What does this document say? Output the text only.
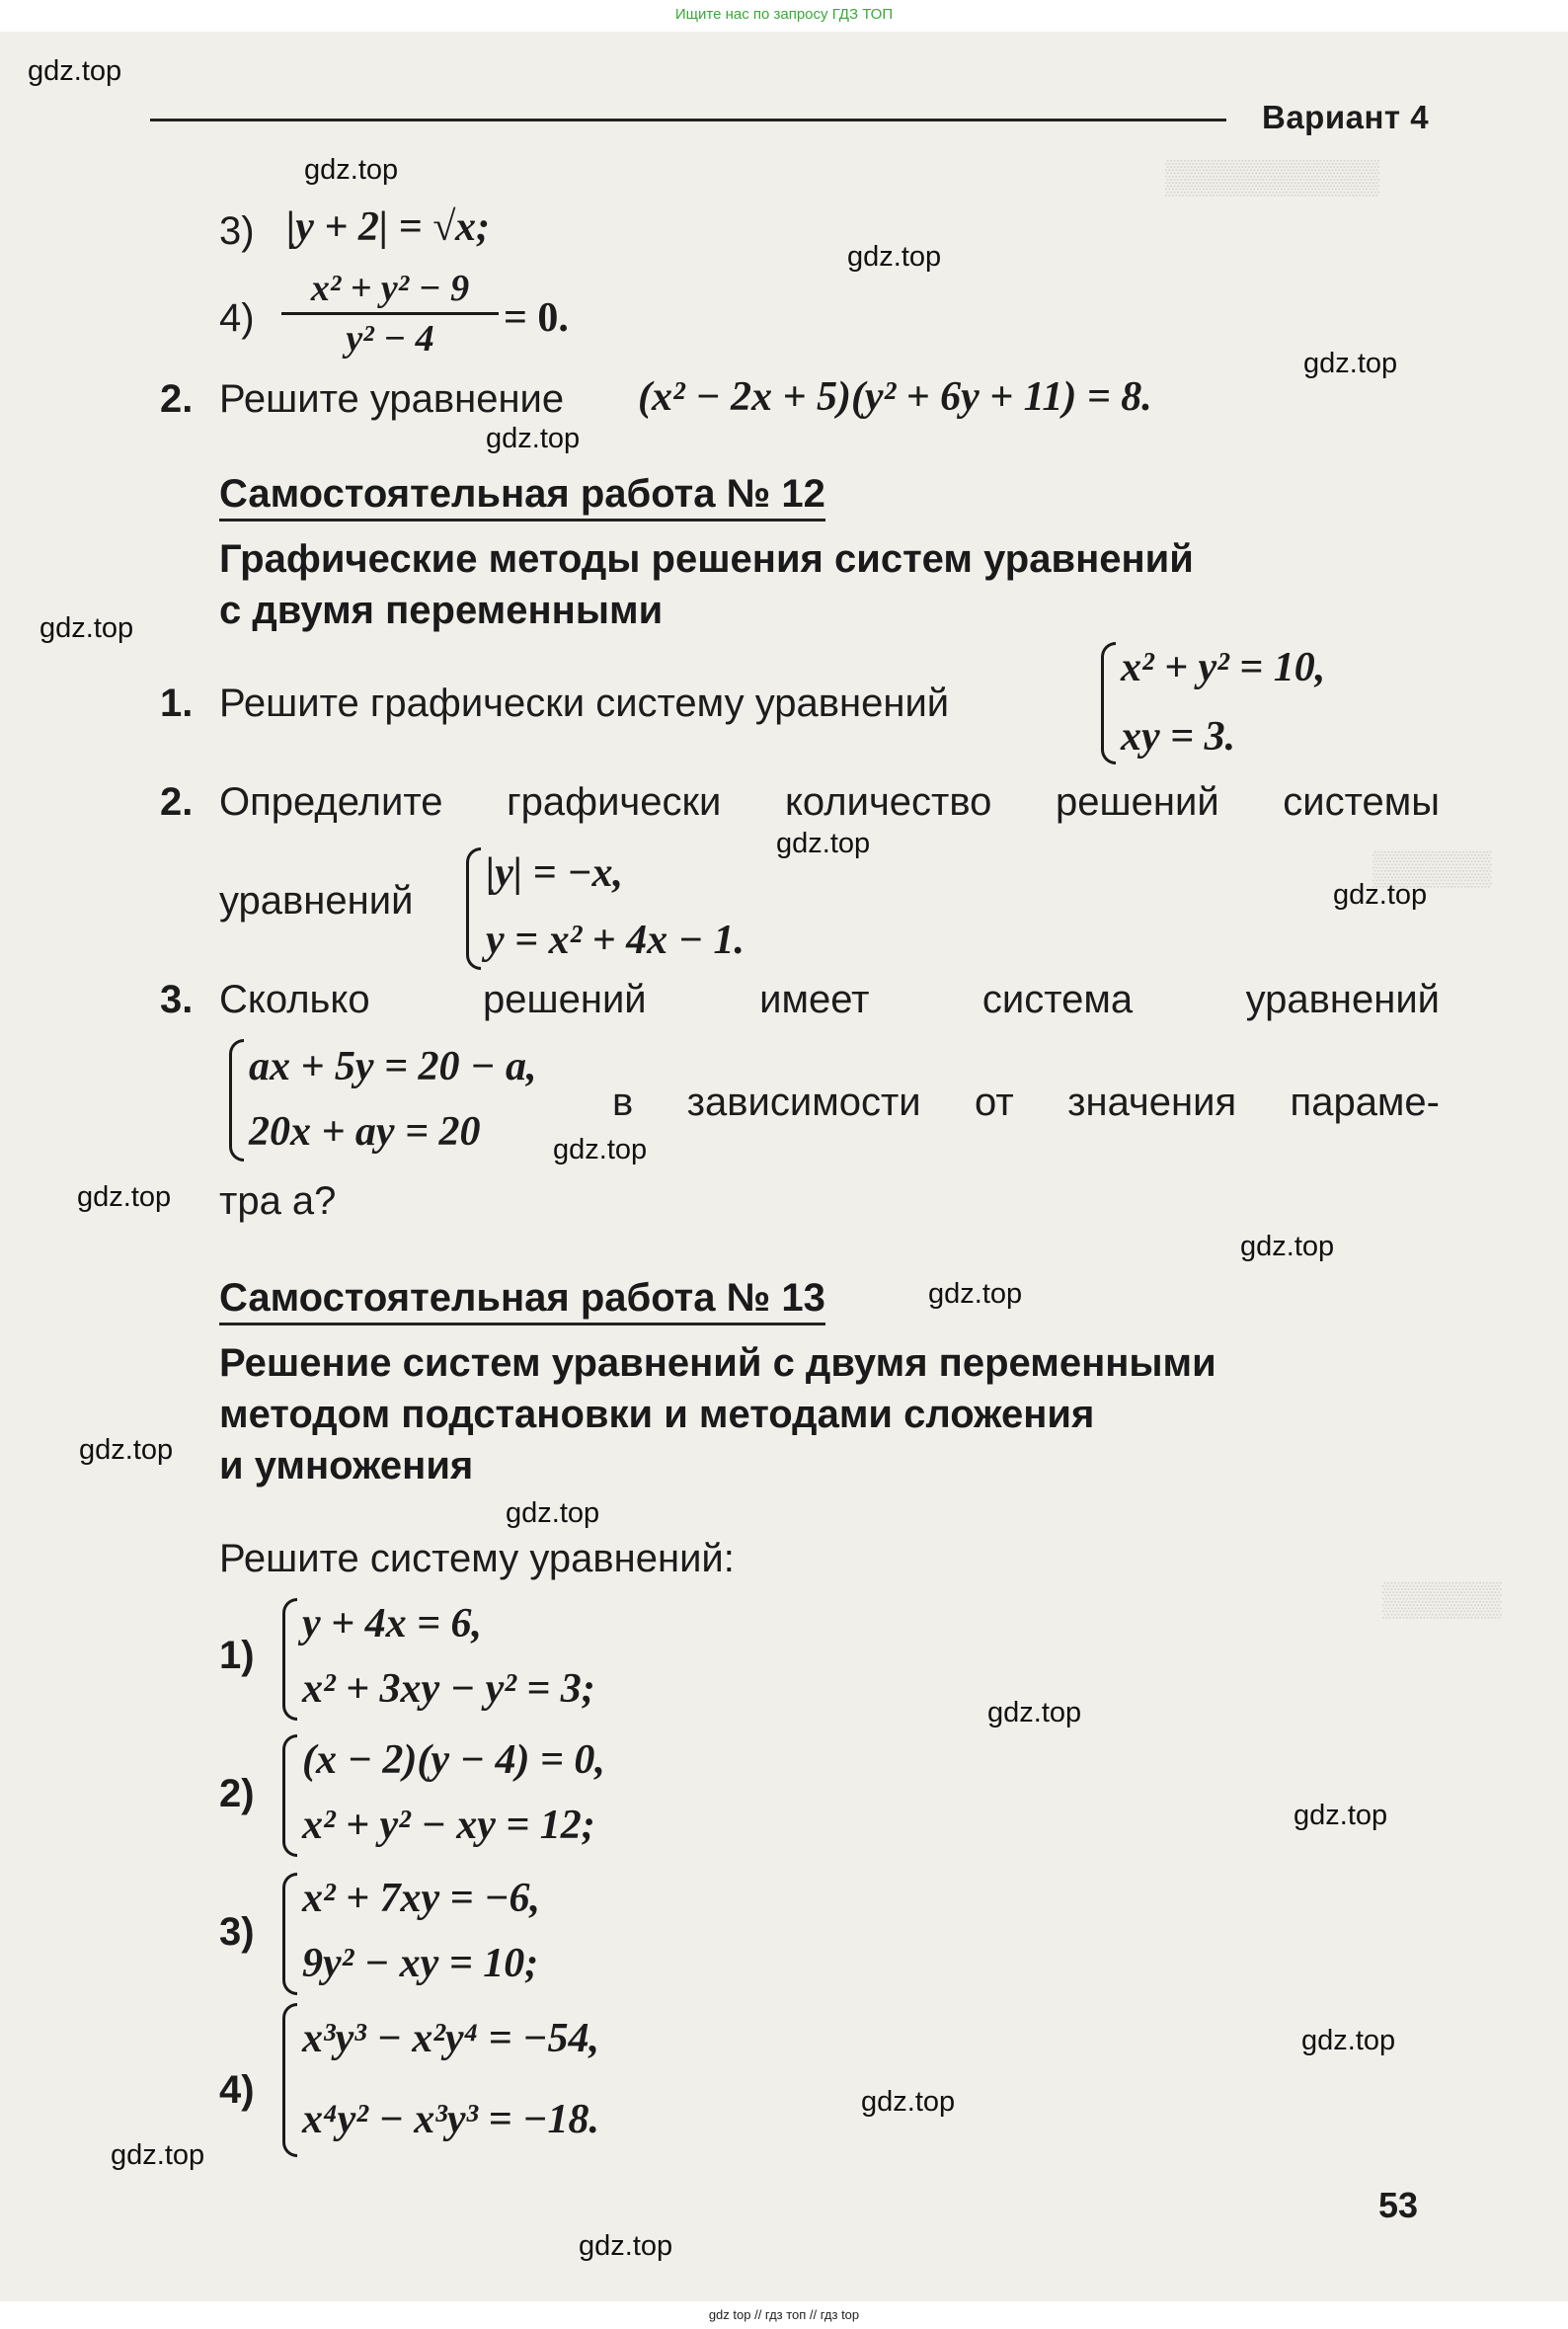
Ищите нас по запросу ГДЗ ТОП
▒▒▒▒▒▒▒▒▒
▒▒▒▒▒
▒▒▒▒▒
Вариант 4
gdz.top
gdz.top
gdz.top
gdz.top
gdz.top
gdz.top
gdz.top
gdz.top
gdz.top
gdz.top
gdz.top
gdz.top
gdz.top
gdz.top
gdz.top
gdz.top
gdz.top
gdz.top
gdz.top
gdz.top
3) |y + 2| = √x;
4)
x² + y² − 9
y² − 4	= 0.
2. Решите уравнение (x² − 2x + 5)(y² + 6y + 11) = 8.
Самостоятельная работа № 12
Графические методы решения систем уравнений
с двумя переменными
1. Решите графически систему уравнений
x² + y² = 10,
xy = 3.
2. Определите графически количество решений системы
уравнений
|y| = −x,
y = x² + 4x − 1.
3. Сколько решений имеет система уравнений
ax + 5y = 20 − a,
20x + ay = 20
в зависимости от значения параме-
тра a?
Самостоятельная работа № 13
Решение систем уравнений с двумя переменными
методом подстановки и методами сложения
и умножения
Решите систему уравнений:
1)
y + 4x = 6,
x² + 3xy − y² = 3;
2)
(x − 2)(y − 4) = 0,
x² + y² − xy = 12;
3)
x² + 7xy = −6,
9y² − xy = 10;
4)
x³y³ − x²y⁴ = −54,
x⁴y² − x³y³ = −18.
53
gdz top // гдз топ // гдз top
